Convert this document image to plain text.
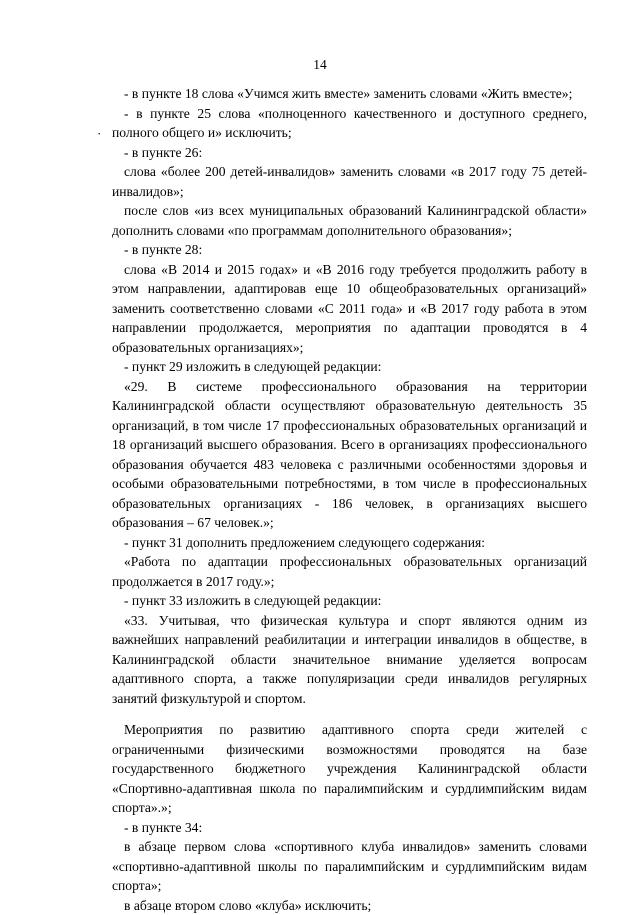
14
·

- в пункте 18 слова «Учимся жить вместе» заменить словами «Жить вместе»;

- в пункте 25 слова «полноценного качественного и доступного среднего, полного общего и» исключить;

- в пункте 26:

слова «более 200 детей-инвалидов» заменить словами «в 2017 году 75 детей-инвалидов»;

после слов «из всех муниципальных образований Калининградской области» дополнить словами «по программам дополнительного образования»;

- в пункте 28:

слова «В 2014 и 2015 годах» и «В 2016 году требуется продолжить работу в этом направлении, адаптировав еще 10 общеобразовательных организаций» заменить соответственно словами «С 2011 года» и «В 2017 году работа в этом направлении продолжается, мероприятия по адаптации проводятся в 4 образовательных организациях»;

- пункт 29 изложить в следующей редакции:

«29. В системе профессионального образования на территории Калининградской области осуществляют образовательную деятельность 35 организаций, в том числе 17 профессиональных образовательных организаций и 18 организаций высшего образования. Всего в организациях профессионального образования обучается 483 человека с различными особенностями здоровья и особыми образовательными потребностями, в том числе в профессиональных образовательных организациях - 186 человек, в организациях высшего образования – 67 человек.»;

- пункт 31 дополнить предложением следующего содержания:

«Работа по адаптации профессиональных образовательных организаций продолжается в 2017 году.»;

- пункт 33 изложить в следующей редакции:

«33. Учитывая, что физическая культура и спорт являются одним из важнейших направлений реабилитации и интеграции инвалидов в обществе, в Калининградской области значительное внимание уделяется вопросам адаптивного спорта, а также популяризации среди инвалидов регулярных занятий физкультурой и спортом.

Мероприятия по развитию адаптивного спорта среди жителей с ограниченными физическими возможностями проводятся на базе государственного бюджетного учреждения Калининградской области «Спортивно-адаптивная школа по паралимпийским и сурдлимпийским видам спорта».»;

- в пункте 34:

в абзаце первом слова «спортивного клуба инвалидов» заменить словами «спортивно-адаптивной школы по паралимпийским и сурдлимпийским видам спорта»;

в абзаце втором слово «клуба» исключить;
